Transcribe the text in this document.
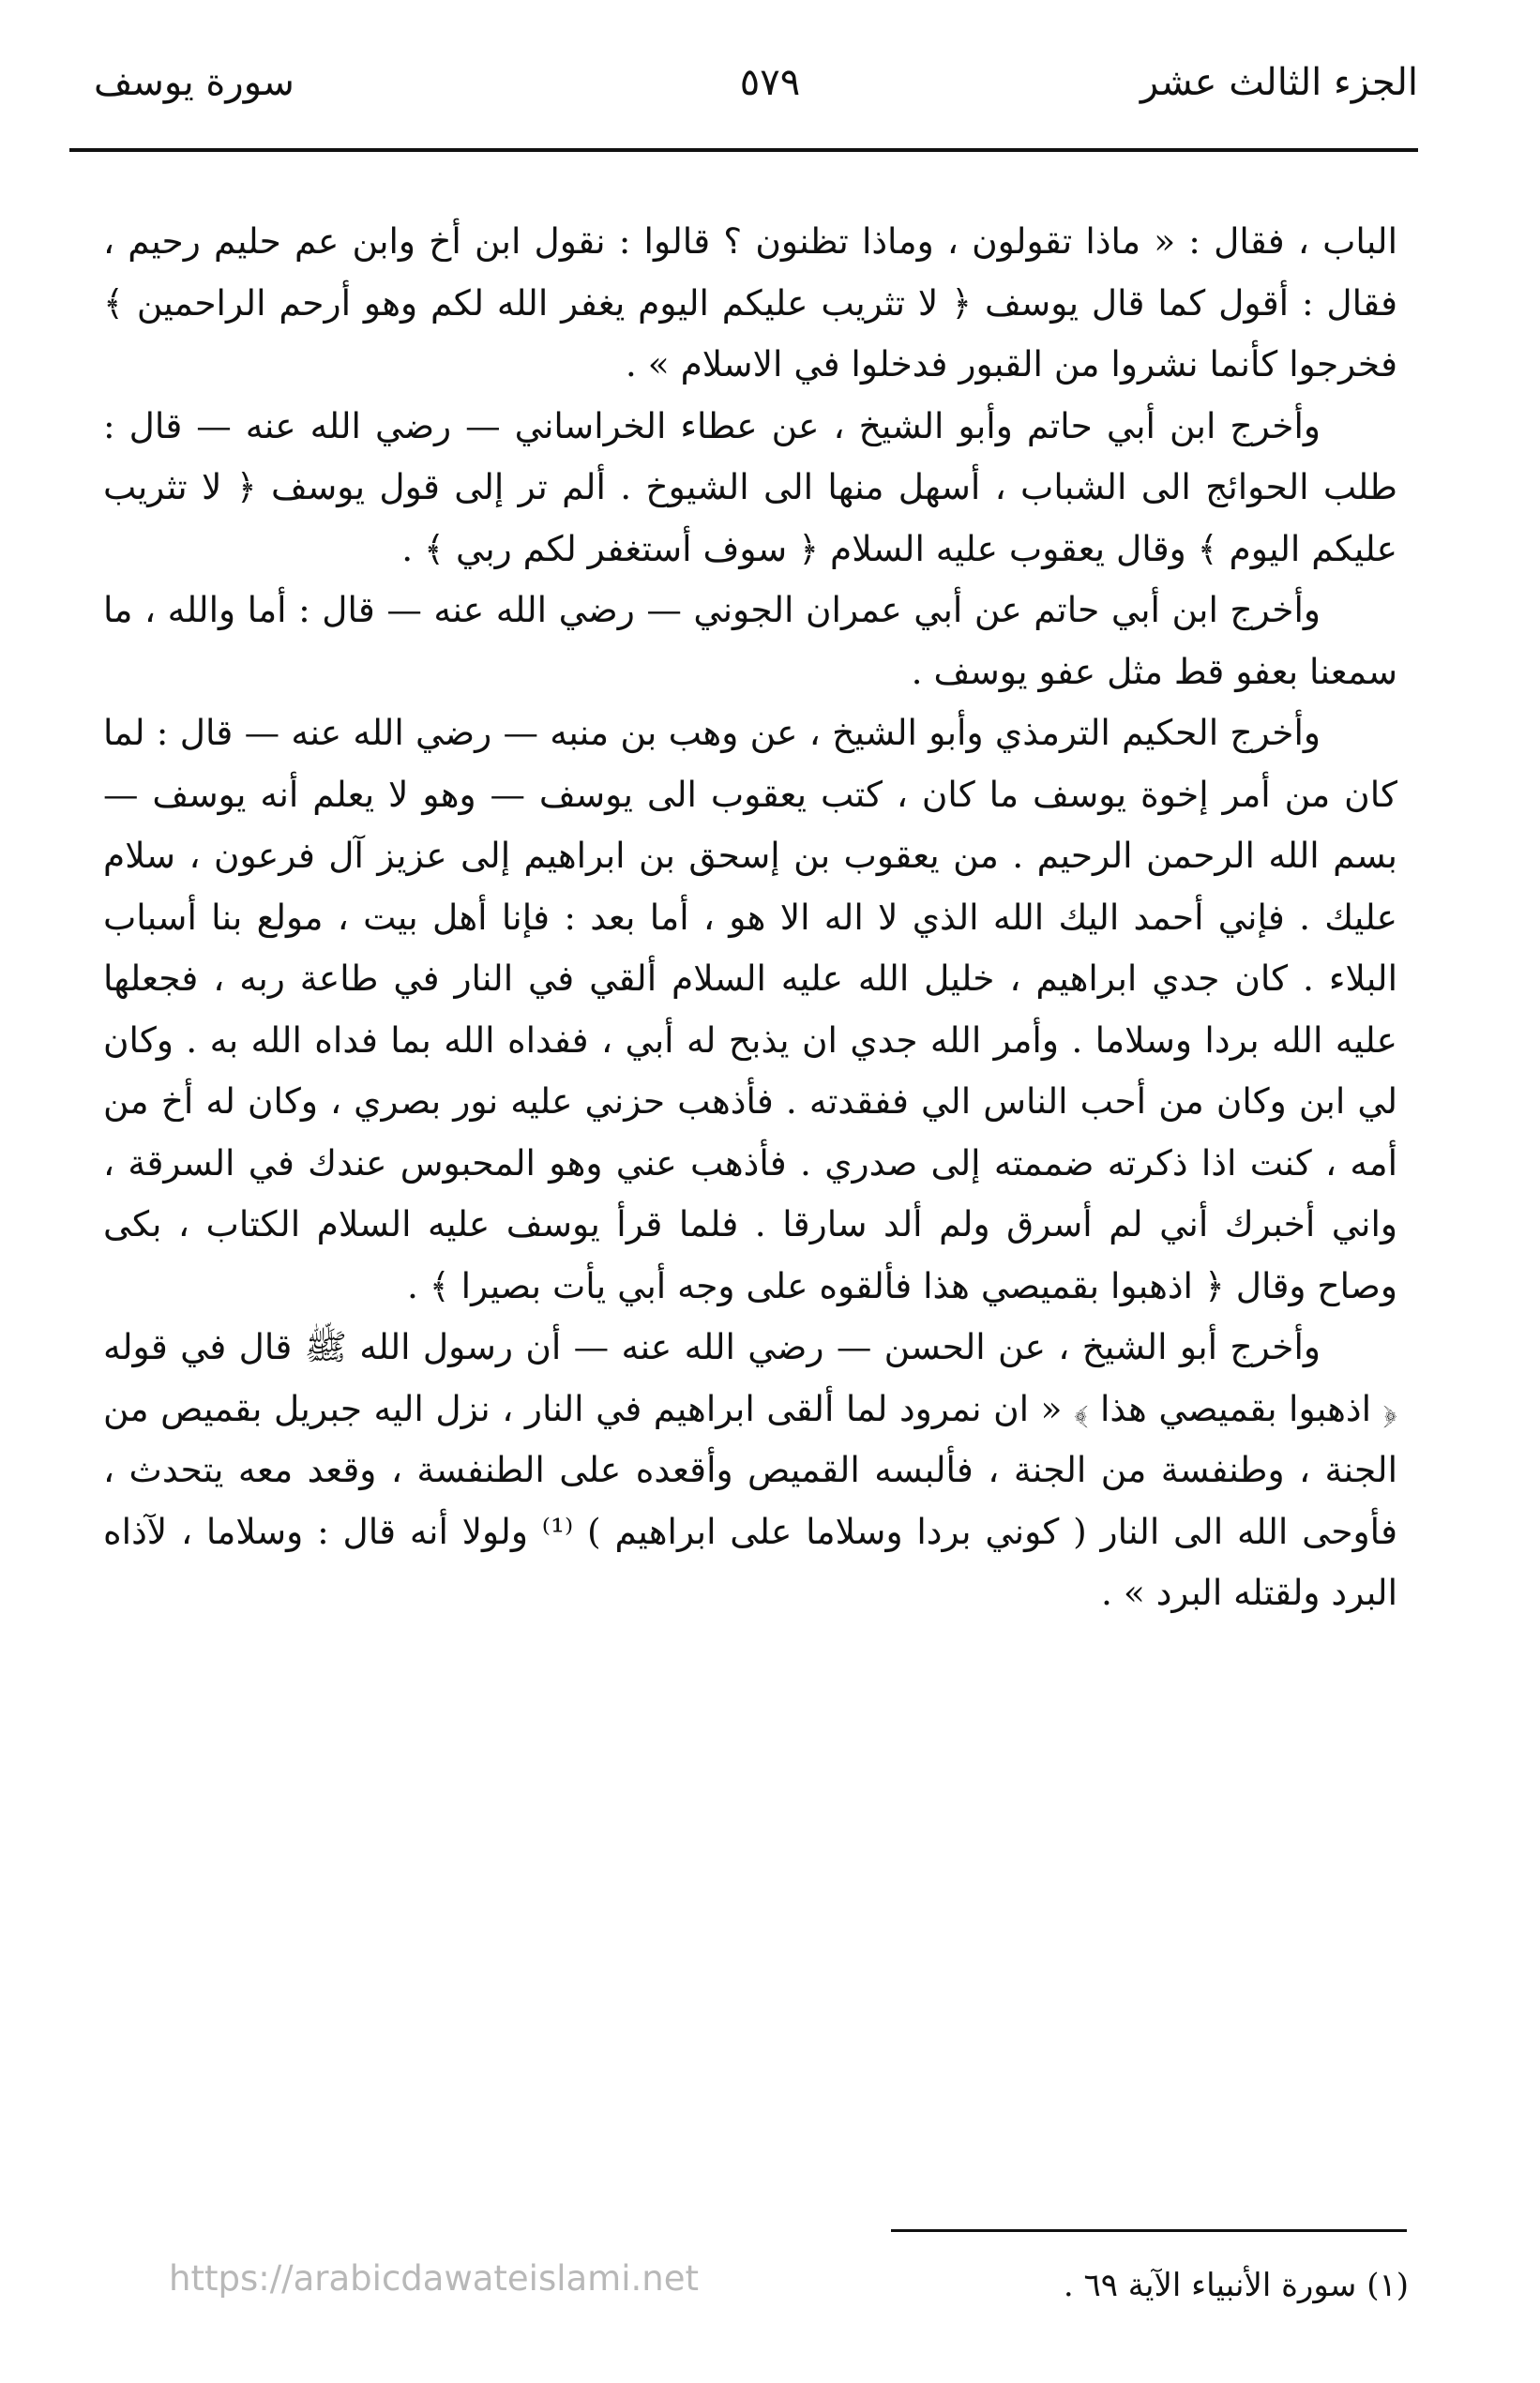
الجزء الثالث عشر
٥٧٩
سورة يوسف

الباب ، فقال : « ماذا تقولون ، وماذا تظنون ؟ قالوا : نقول ابن أخ وابن عم حليم رحيم ، فقال : أقول كما قال يوسف ﴿ لا تثريب عليكم اليوم يغفر الله لكم وهو أرحم الراحمين ﴾ فخرجوا كأنما نشروا من القبور فدخلوا في الاسلام » .

وأخرج ابن أبي حاتم وأبو الشيخ ، عن عطاء الخراساني — رضي الله عنه — قال : طلب الحوائج الى الشباب ، أسهل منها الى الشيوخ . ألم تر إلى قول يوسف ﴿ لا تثريب عليكم اليوم ﴾ وقال يعقوب عليه السلام ﴿ سوف أستغفر لكم ربي ﴾ .

وأخرج ابن أبي حاتم عن أبي عمران الجوني — رضي الله عنه — قال : أما والله ، ما سمعنا بعفو قط مثل عفو يوسف .

وأخرج الحكيم الترمذي وأبو الشيخ ، عن وهب بن منبه — رضي الله عنه — قال : لما كان من أمر إخوة يوسف ما كان ، كتب يعقوب الى يوسف — وهو لا يعلم أنه يوسف — بسم الله الرحمن الرحيم . من يعقوب بن إسحق بن ابراهيم إلى عزيز آل فرعون ، سلام عليك . فإني أحمد اليك الله الذي لا اله الا هو ، أما بعد : فإنا أهل بيت ، مولع بنا أسباب البلاء . كان جدي ابراهيم ، خليل الله عليه السلام ألقي في النار في طاعة ربه ، فجعلها عليه الله بردا وسلاما . وأمر الله جدي ان يذبح له أبي ، ففداه الله بما فداه الله به . وكان لي ابن وكان من أحب الناس الي ففقدته . فأذهب حزني عليه نور بصري ، وكان له أخ من أمه ، كنت اذا ذكرته ضممته إلى صدري . فأذهب عني وهو المحبوس عندك في السرقة ، واني أخبرك أني لم أسرق ولم ألد سارقا . فلما قرأ يوسف عليه السلام الكتاب ، بكى وصاح وقال ﴿ اذهبوا بقميصي هذا فألقوه على وجه أبي يأت بصيرا ﴾ .

وأخرج أبو الشيخ ، عن الحسن — رضي الله عنه — أن رسول الله ﷺ قال في قوله ﴿ اذهبوا بقميصي هذا ﴾ « ان نمرود لما ألقى ابراهيم في النار ، نزل اليه جبريل بقميص من الجنة ، وطنفسة من الجنة ، فألبسه القميص وأقعده على الطنفسة ، وقعد معه يتحدث ، فأوحى الله الى النار ( كوني بردا وسلاما على ابراهيم ) ⁽¹⁾ ولولا أنه قال : وسلاما ، لآذاه البرد ولقتله البرد » .

(١) سورة الأنبياء الآية ٦٩ .
https://arabicdawateislami.net
